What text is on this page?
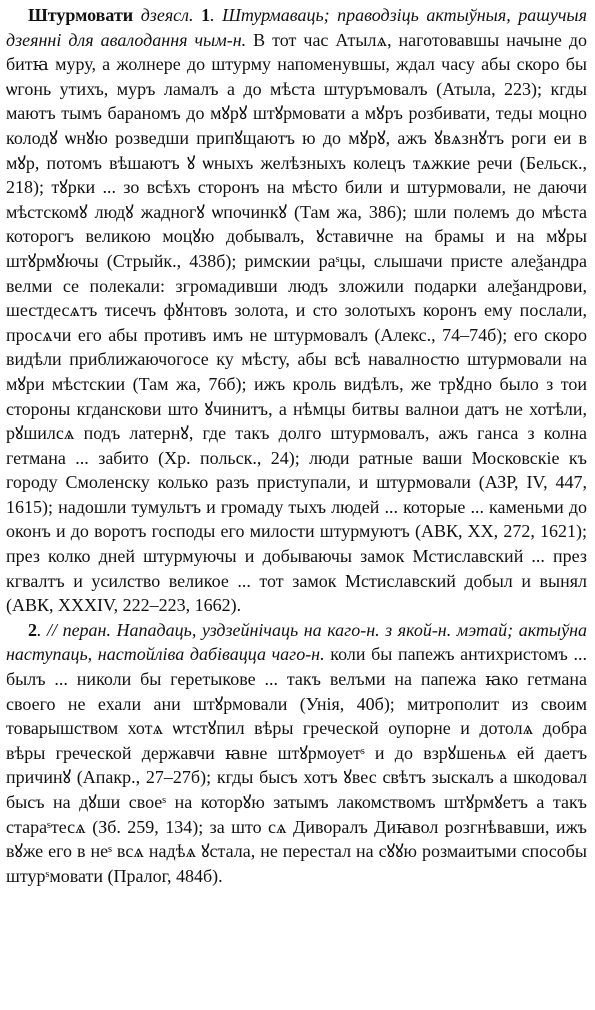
Штурмовати дзеясл. 1. Штурмаваць; праводзіць актыўныя, рашучыя дзеянні для авалодання чым-н. В тот час Атылѧ, наготовавшы начыне до битꙗ муру, а жолнере до штурму напоменувшы, ждал часу абы скоро бы ѡгонь утихъ, муръ ламалъ а до мѣста штуръмовалъ (Атыла, 223); кгды маютъ тымъ бараномъ до мꙋрꙋ штꙋрмовати а мꙋръ розбивати, теды моцно колодꙋ ѡнꙋю розведши припꙋщаютъ ю до мꙋрꙋ, ажъ ꙋвѧзнꙋтъ роги еи в мꙋр, потомъ вѣшаютъ ꙋ ѡныхъ желѣзныхъ колецъ тѧжкие речи (Бельск., 218); тꙋрки ... зо всѣхъ сторонъ на мѣсто били и штурмовали, не даючи мѣстскомꙋ людꙋ жадногꙋ ѡпочинкꙋ (Там жа, 386); шли полемъ до мѣста которогъ великою моцꙋю добывалъ, ꙋставичне на брамы и на мꙋры штꙋрмꙋючы (Стрыйк., 438б); римскии раˢцы, слышачи присте алеѯандра велми се полекали: згромадивши людъ зложили подарки алеѯандрови, шестдесѧтъ тисечъ фꙋнтовъ золота, и сто золотыхъ коронъ ему послали, просѧчи его абы противъ имъ не штурмовалъ (Алекс., 74–74б); его скоро видѣли приближаючогосе ку мѣсту, абы всѣ навалностю штурмовали на мꙋри мѣстскии (Там жа, 76б); ижъ кроль видѣлъ, же трꙋдно было з тои стороны кгданскови што ꙋчинитъ, а нѣмцы битвы валнои датъ не хотѣли, рꙋшилсѧ подъ латернꙋ, где такъ долго штурмовалъ, ажъ ганса з колна гетмана ... забито (Хр. польск., 24); люди ратные ваши Московскіе къ городу Смоленску колько разъ приступали, и штурмовали (АЗР, IV, 447, 1615); надошли тумультъ и громаду тыхъ людей ... которые ... каменьми до оконъ и до воротъ господы его милости штурмуютъ (АВК, XX, 272, 1621); през колко дней штурмуючы и добываючы замок Мстиславский ... през кгвалтъ и усилство великое ... тот замок Мстиславский добыл и вынял (АВК, XXXIV, 222–223, 1662).

2. // перан. Нападаць, уздзейнічаць на каго-н. з якой-н. мэтай; актыўна наступаць, настойліва дабівацца чаго-н. коли бы папежъ антихристомъ ... былъ ... николи бы геретыкове ... такъ велъми на папежа ꙗко гетмана своего не ехали ани штꙋрмовали (Унія, 40б); митрополит из своим товарышством хотѧ ѡтстꙋпил вѣры греческой оупорне и дотолѧ добра вѣры греческой державчи ꙗвне штꙋрмоуетˢ и до взрꙋшеньѧ ей даетъ причинꙋ (Апакр., 27–27б); кгды бысъ хотъ ꙋвес свѣтъ зыскалъ а шкодовал бысъ на дꙋши своеˢ на которꙋю затымъ лакомствомъ штꙋрмꙋетъ а такъ стараˢтесѧ (Зб. 259, 134); за што сѧ Диворалъ Диꙗвол розгнѣвавши, ижъ вꙋже его в неˢ всѧ надѣѧ ꙋстала, не перестал на сꙋꙋю розмаитыми способы штурˢмовати (Пралог, 484б).
